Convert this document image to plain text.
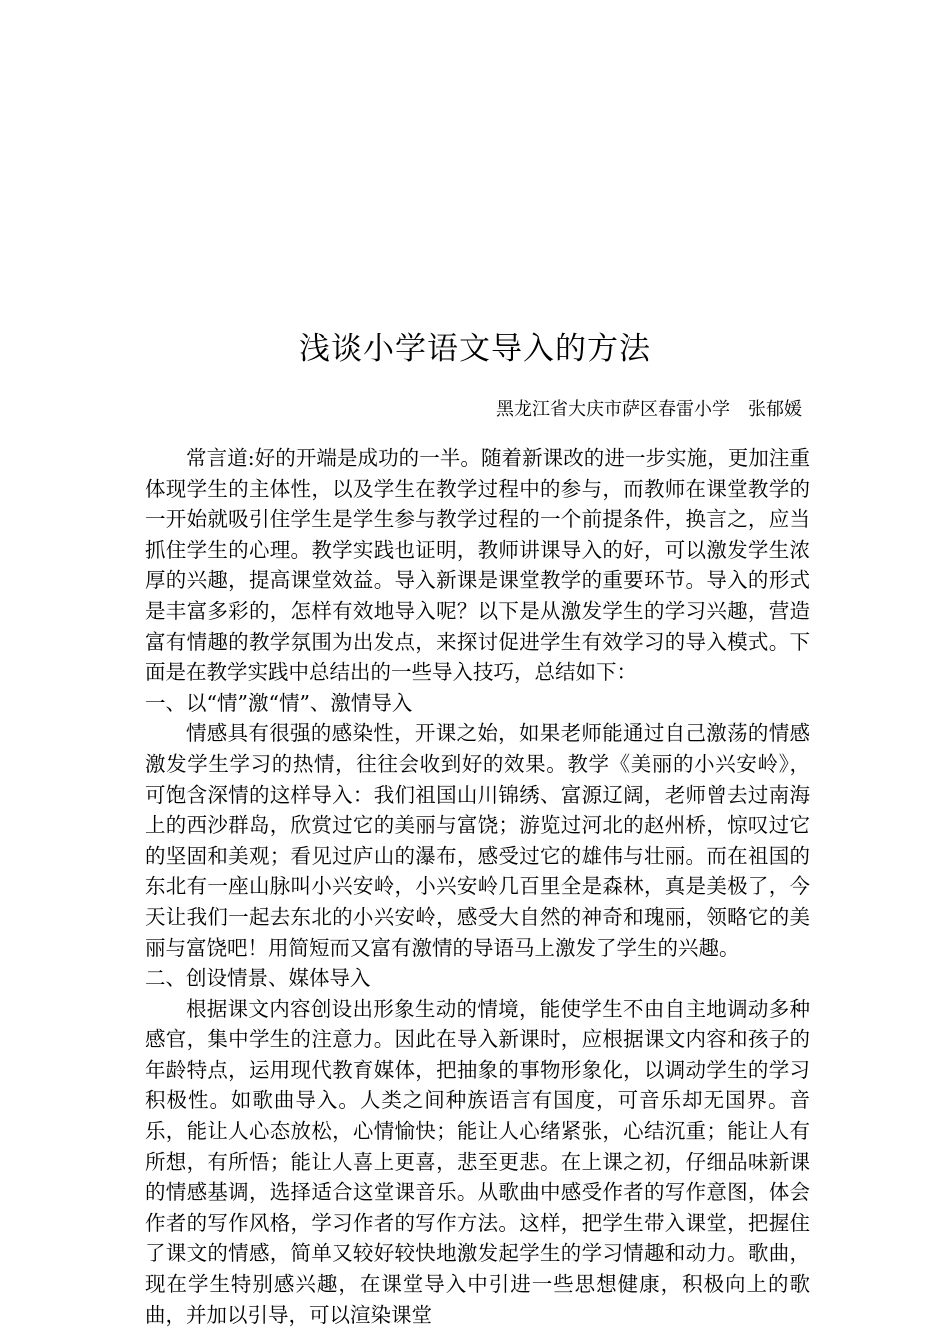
浅谈小学语文导入的方法
黑龙江省大庆市萨区春雷小学　张郁媛

常言道:好的开端是成功的一半。随着新课改的进一步实施，更加注重体现学生的主体性，以及学生在教学过程中的参与，而教师在课堂教学的一开始就吸引住学生是学生参与教学过程的一个前提条件，换言之，应当抓住学生的心理。教学实践也证明，教师讲课导入的好，可以激发学生浓厚的兴趣，提高课堂效益。导入新课是课堂教学的重要环节。导入的形式是丰富多彩的，怎样有效地导入呢？以下是从激发学生的学习兴趣，营造富有情趣的教学氛围为出发点，来探讨促进学生有效学习的导入模式。下面是在教学实践中总结出的一些导入技巧，总结如下：

一、以“情”激“情”、激情导入

情感具有很强的感染性，开课之始，如果老师能通过自己激荡的情感激发学生学习的热情，往往会收到好的效果。教学《美丽的小兴安岭》，可饱含深情的这样导入：我们祖国山川锦绣、富源辽阔，老师曾去过南海上的西沙群岛，欣赏过它的美丽与富饶；游览过河北的赵州桥，惊叹过它的坚固和美观；看见过庐山的瀑布，感受过它的雄伟与壮丽。而在祖国的东北有一座山脉叫小兴安岭，小兴安岭几百里全是森林，真是美极了，今天让我们一起去东北的小兴安岭，感受大自然的神奇和瑰丽，领略它的美丽与富饶吧！用简短而又富有激情的导语马上激发了学生的兴趣。

二、创设情景、媒体导入

根据课文内容创设出形象生动的情境，能使学生不由自主地调动多种感官，集中学生的注意力。因此在导入新课时，应根据课文内容和孩子的年龄特点，运用现代教育媒体，把抽象的事物形象化，以调动学生的学习积极性。如歌曲导入。人类之间种族语言有国度，可音乐却无国界。音乐，能让人心态放松，心情愉快；能让人心绪紧张，心结沉重；能让人有所想，有所悟；能让人喜上更喜，悲至更悲。在上课之初，仔细品味新课的情感基调，选择适合这堂课音乐。从歌曲中感受作者的写作意图，体会作者的写作风格，学习作者的写作方法。这样，把学生带入课堂，把握住了课文的情感，简单又较好较快地激发起学生的学习情趣和动力。歌曲，现在学生特别感兴趣，在课堂导入中引进一些思想健康，积极向上的歌曲，并加以引导，可以渲染课堂
